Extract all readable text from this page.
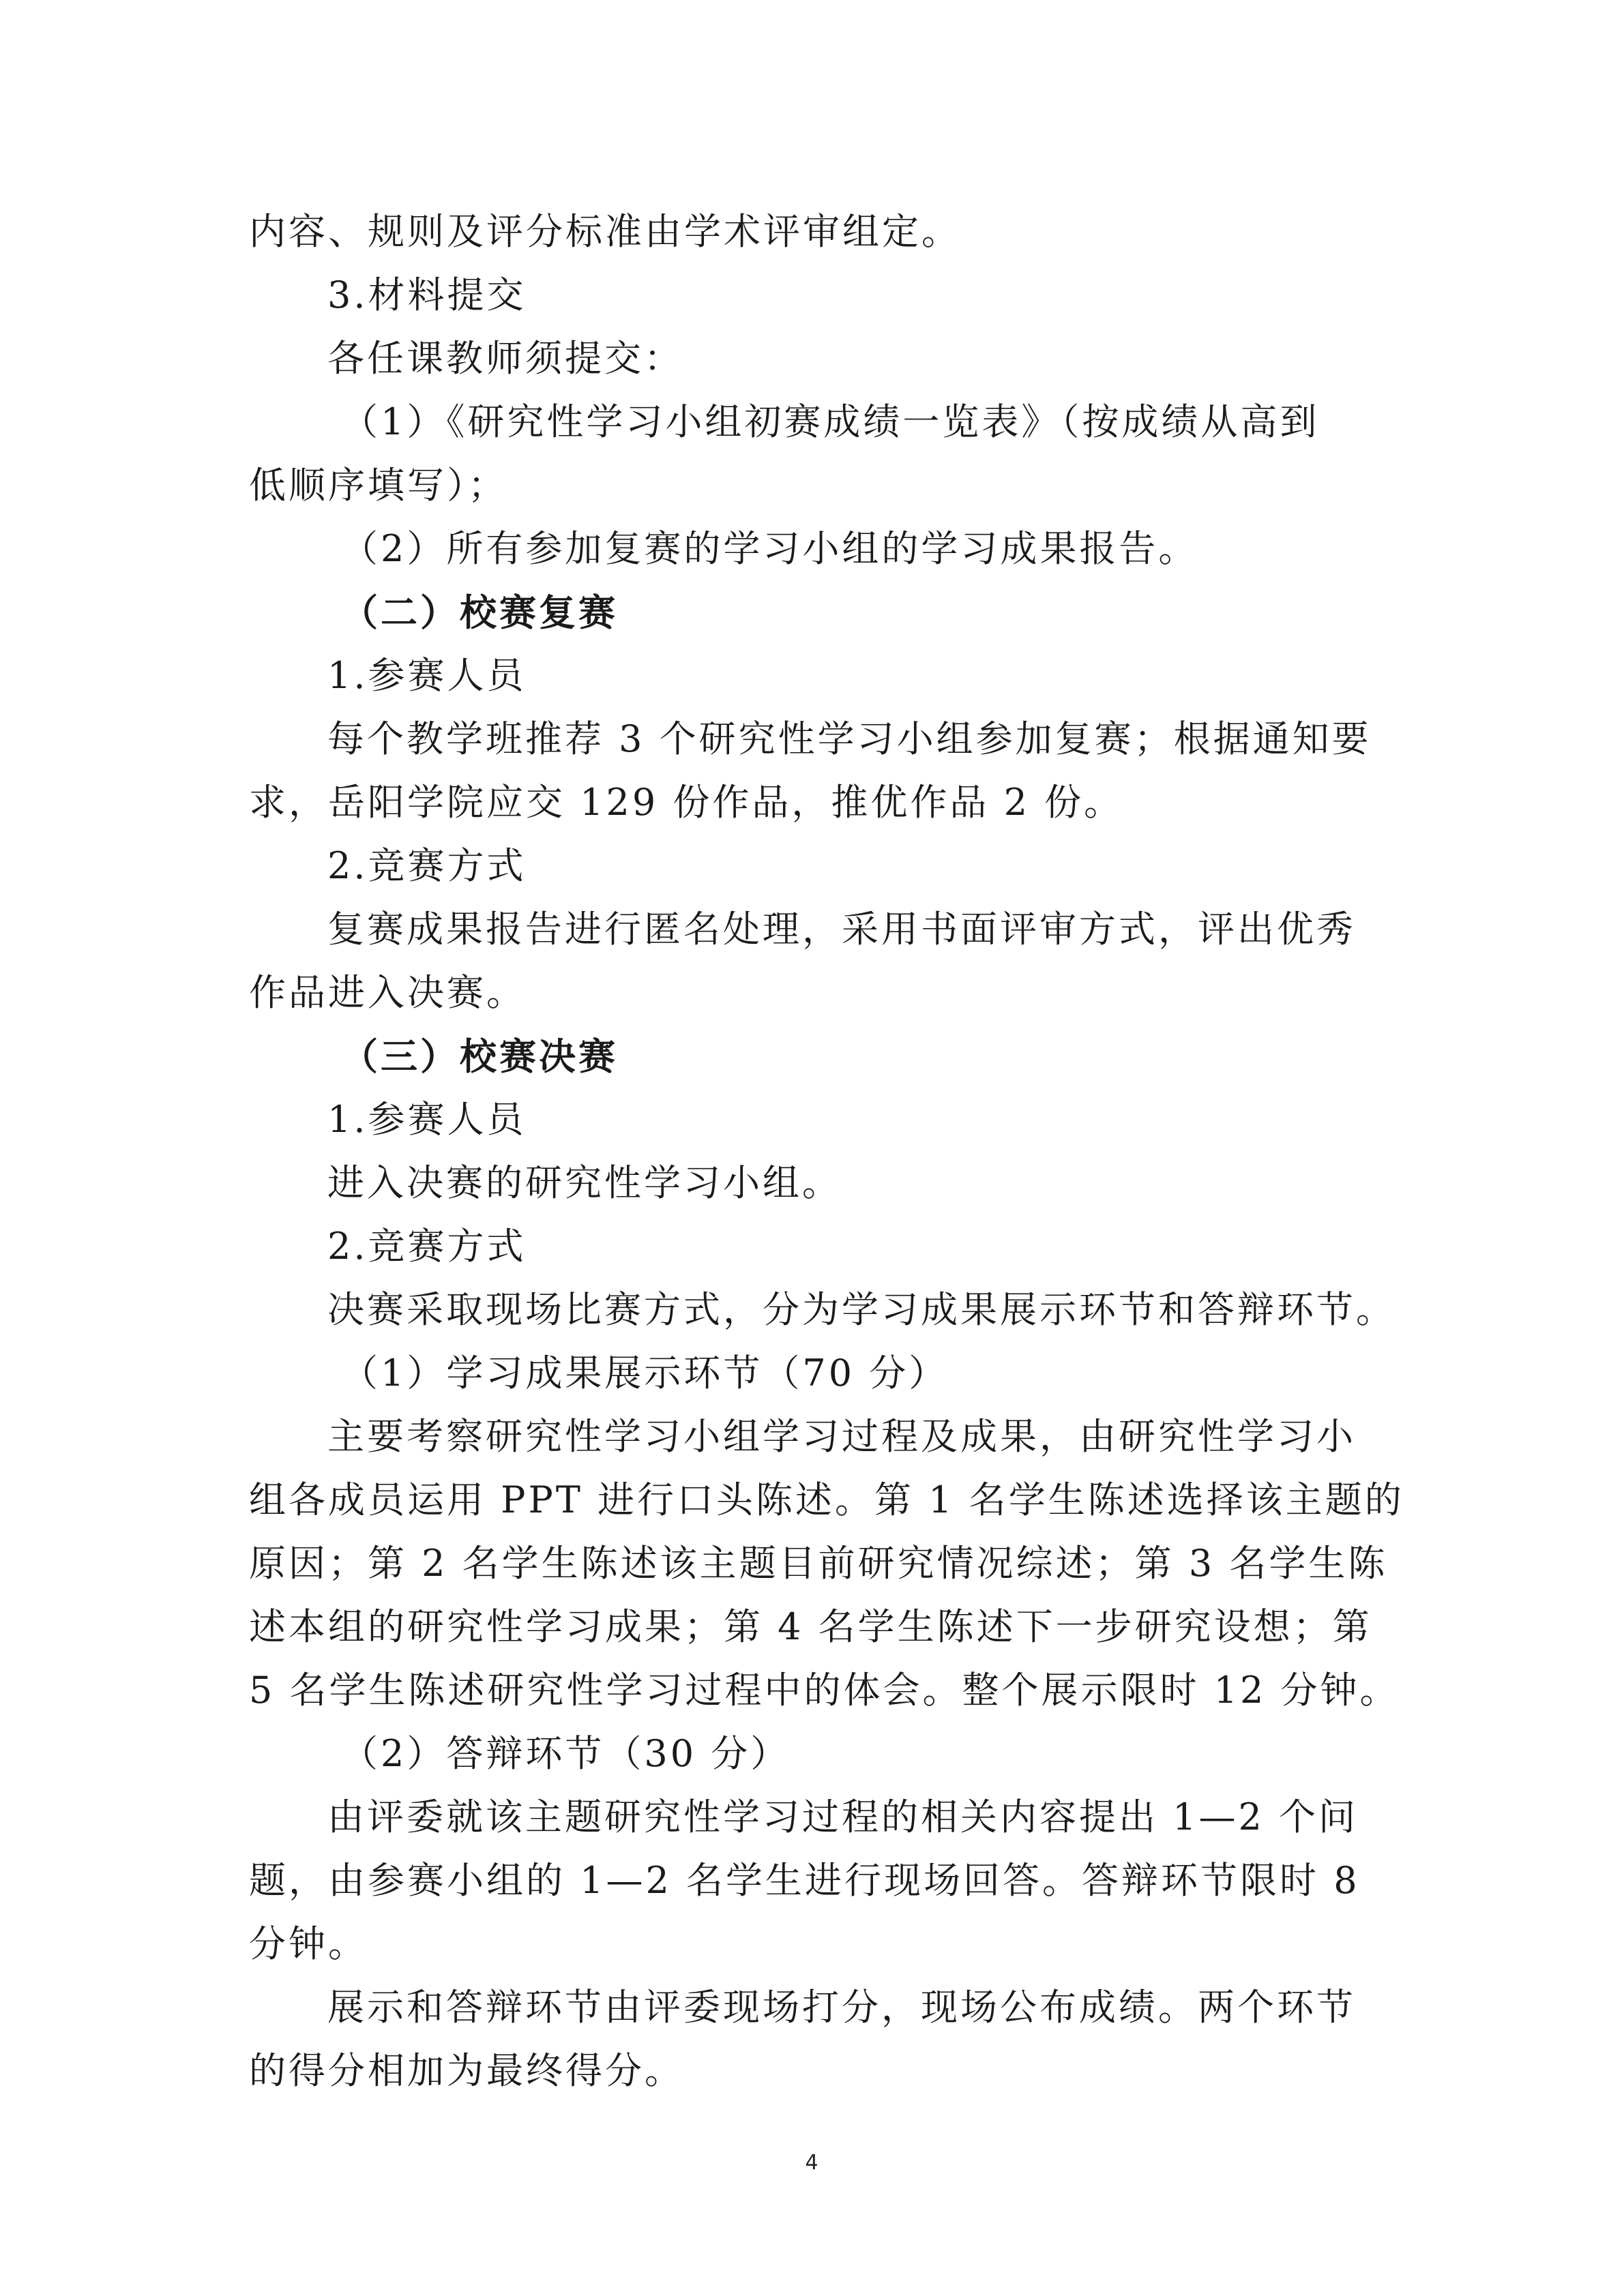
内容、规则及评分标准由学术评审组定。
3.材料提交
各任课教师须提交：
（1）《研究性学习小组初赛成绩一览表》（按成绩从高到
低顺序填写）；
（2）所有参加复赛的学习小组的学习成果报告。
（二）校赛复赛
1.参赛人员
每个教学班推荐 3 个研究性学习小组参加复赛；根据通知要
求，岳阳学院应交 129 份作品，推优作品 2 份。
2.竞赛方式
复赛成果报告进行匿名处理，采用书面评审方式，评出优秀
作品进入决赛。
（三）校赛决赛
1.参赛人员
进入决赛的研究性学习小组。
2.竞赛方式
决赛采取现场比赛方式，分为学习成果展示环节和答辩环节。
（1）学习成果展示环节（70 分）
主要考察研究性学习小组学习过程及成果，由研究性学习小
组各成员运用 PPT 进行口头陈述。第 1 名学生陈述选择该主题的
原因；第 2 名学生陈述该主题目前研究情况综述；第 3 名学生陈
述本组的研究性学习成果；第 4 名学生陈述下一步研究设想；第
5 名学生陈述研究性学习过程中的体会。整个展示限时 12 分钟。
（2）答辩环节（30 分）
由评委就该主题研究性学习过程的相关内容提出 1—2 个问
题，由参赛小组的 1—2 名学生进行现场回答。答辩环节限时 8
分钟。
展示和答辩环节由评委现场打分，现场公布成绩。两个环节
的得分相加为最终得分。
4
